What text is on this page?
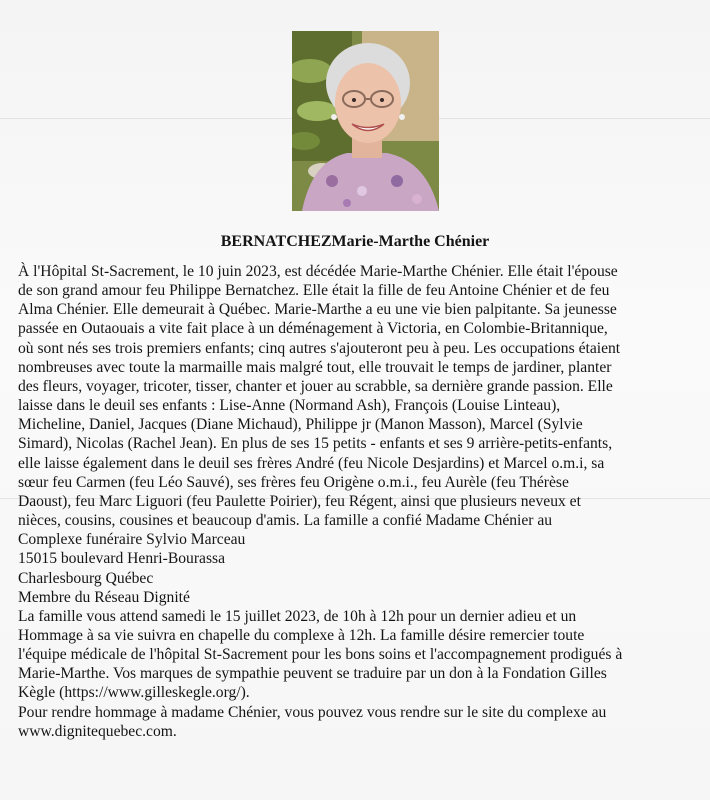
BERNATCHEZMarie-Marthe Chénier
À l'Hôpital St-Sacrement, le 10 juin 2023, est décédée Marie-Marthe Chénier. Elle était l'épouse
de son grand amour feu Philippe Bernatchez. Elle était la fille de feu Antoine Chénier et de feu
Alma Chénier. Elle demeurait à Québec. Marie-Marthe a eu une vie bien palpitante. Sa jeunesse
passée en Outaouais a vite fait place à un déménagement à Victoria, en Colombie-Britannique,
où sont nés ses trois premiers enfants; cinq autres s'ajouteront peu à peu. Les occupations étaient
nombreuses avec toute la marmaille mais malgré tout, elle trouvait le temps de jardiner, planter
des fleurs, voyager, tricoter, tisser, chanter et jouer au scrabble, sa dernière grande passion. Elle
laisse dans le deuil ses enfants : Lise-Anne (Normand Ash), François (Louise Linteau),
Micheline, Daniel, Jacques (Diane Michaud), Philippe jr (Manon Masson), Marcel (Sylvie
Simard), Nicolas (Rachel Jean). En plus de ses 15 petits - enfants et ses 9 arrière-petits-enfants,
elle laisse également dans le deuil ses frères André (feu Nicole Desjardins) et Marcel o.m.i, sa
sœur feu Carmen (feu Léo Sauvé), ses frères feu Origène o.m.i., feu Aurèle (feu Thérèse
Daoust), feu Marc Liguori (feu Paulette Poirier), feu Régent, ainsi que plusieurs neveux et
nièces, cousins, cousines et beaucoup d'amis. La famille a confié Madame Chénier au
Complexe funéraire Sylvio Marceau
15015 boulevard Henri-Bourassa
Charlesbourg Québec
Membre du Réseau Dignité
La famille vous attend samedi le 15 juillet 2023, de 10h à 12h pour un dernier adieu et un
Hommage à sa vie suivra en chapelle du complexe à 12h. La famille désire remercier toute
l'équipe médicale de l'hôpital St-Sacrement pour les bons soins et l'accompagnement prodigués à
Marie-Marthe. Vos marques de sympathie peuvent se traduire par un don à la Fondation Gilles
Kègle (https://www.gilleskegle.org/).
Pour rendre hommage à madame Chénier, vous pouvez vous rendre sur le site du complexe au
www.dignitequebec.com.
